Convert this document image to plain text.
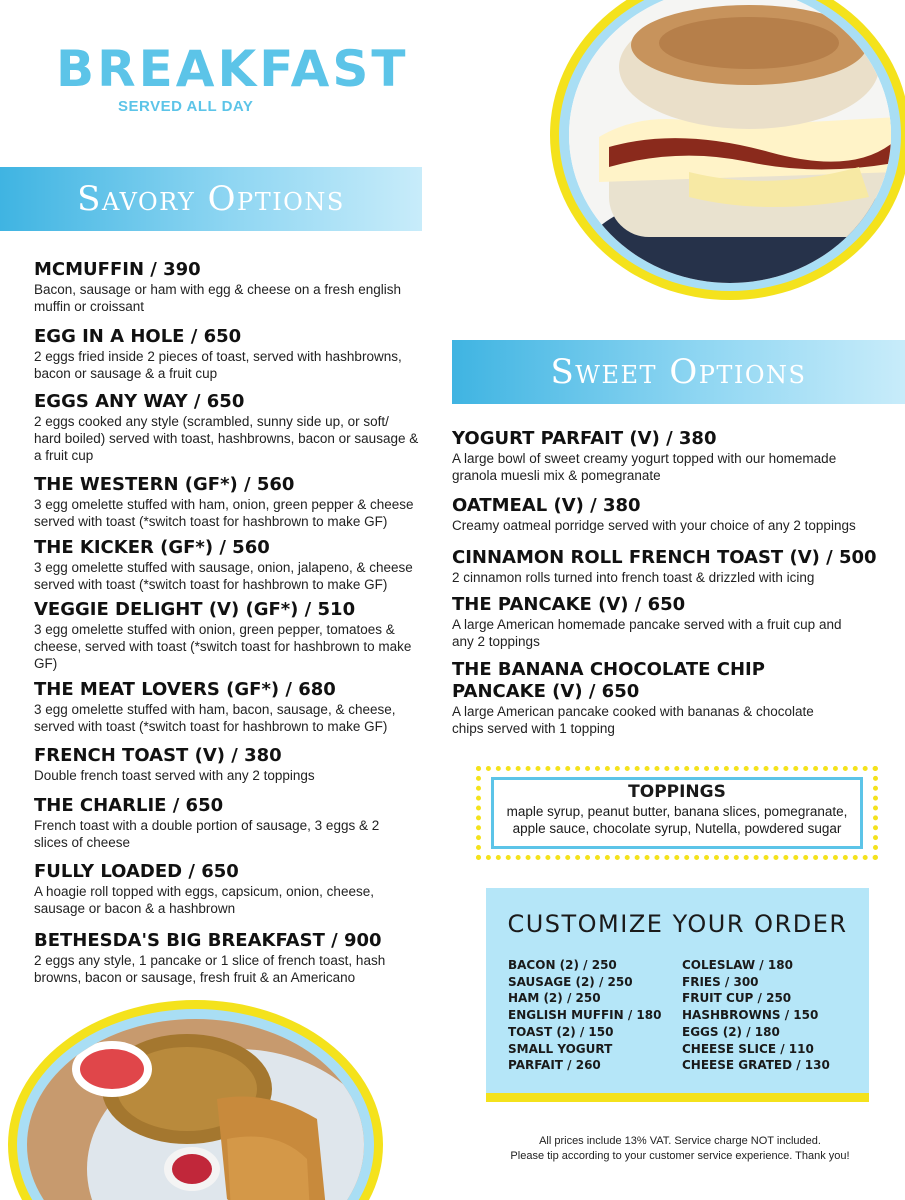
BREAKFAST
SERVED ALL DAY
Savory Options
MCMUFFIN / 390
Bacon, sausage or ham with egg & cheese on a fresh english muffin or croissant
EGG IN A HOLE / 650
2 eggs fried inside 2 pieces of toast, served with hashbrowns, bacon or sausage & a fruit cup
EGGS ANY WAY / 650
2 eggs cooked any style (scrambled, sunny side up, or soft/ hard boiled) served with toast, hashbrowns, bacon or sausage & a fruit cup
THE WESTERN (GF*) / 560
3 egg omelette stuffed with ham, onion, green pepper & cheese served with toast (*switch toast for hashbrown to make GF)
THE KICKER (GF*) / 560
3 egg omelette stuffed with sausage, onion, jalapeno, & cheese served with toast (*switch toast for hashbrown to make GF)
VEGGIE DELIGHT (V) (GF*) / 510
3 egg omelette stuffed with onion, green pepper, tomatoes & cheese, served with toast (*switch toast for hashbrown to make GF)
THE MEAT LOVERS (GF*) / 680
3 egg omelette stuffed with ham, bacon, sausage, & cheese, served with toast (*switch toast for hashbrown to make GF)
FRENCH TOAST (V) / 380
Double french toast served with any 2 toppings
THE CHARLIE / 650
French toast with a double portion of sausage, 3 eggs & 2 slices of cheese
FULLY LOADED / 650
A hoagie roll topped with eggs, capsicum, onion, cheese, sausage or bacon & a hashbrown
BETHESDA'S BIG BREAKFAST / 900
2 eggs any style, 1 pancake or 1 slice of french toast, hash browns, bacon or sausage, fresh fruit & an Americano
Sweet Options
YOGURT PARFAIT (V) / 380
A large bowl of sweet creamy yogurt topped with our homemade granola muesli mix & pomegranate
OATMEAL (V) / 380
Creamy oatmeal porridge served with your choice of any 2 toppings
CINNAMON ROLL FRENCH TOAST (V) / 500
2 cinnamon rolls turned into french toast & drizzled with icing
THE PANCAKE (V) / 650
A large American homemade pancake served with a fruit cup and any 2 toppings
THE BANANA CHOCOLATE CHIP PANCAKE (V) / 650
A large American pancake cooked with bananas & chocolate chips served with 1 topping
TOPPINGS
maple syrup, peanut butter, banana slices, pomegranate, apple sauce, chocolate syrup, Nutella, powdered sugar
CUSTOMIZE YOUR ORDER
BACON (2) / 250
SAUSAGE (2) / 250
HAM (2) / 250
ENGLISH MUFFIN / 180
TOAST (2) / 150
SMALL YOGURT
PARFAIT / 260
COLESLAW / 180
FRIES / 300
FRUIT CUP / 250
HASHBROWNS / 150
EGGS (2) / 180
CHEESE SLICE / 110
CHEESE GRATED / 130
All prices include 13% VAT. Service charge NOT included.
Please tip according to your customer service experience. Thank you!
